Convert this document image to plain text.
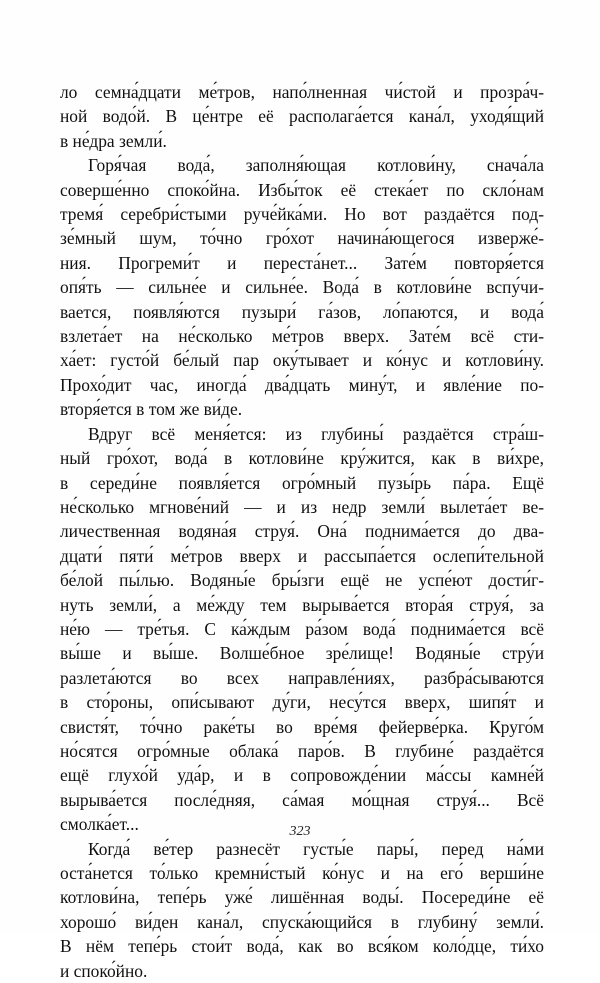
ло семна́дцати ме́тров, напо́лненная чи́стой и прозра́ч-
ной водо́й. В це́нтре её располага́ется кана́л, уходя́щий
в не́дра земли́.
Горя́чая вода́, заполня́ющая котлови́ну, снача́ла
соверше́нно споко́йна. Избы́ток её стека́ет по скло́нам
тремя́ серебри́стыми руче́йка́ми. Но вот раздаётся под-
зе́мный шум, то́чно гро́хот начина́ющегося изверже́-
ния. Прогреми́т и переста́нет... Зате́м повторя́ется
опя́ть — сильне́е и сильне́е. Вода́ в котлови́не вспу́чи-
вается, появля́ются пузыри́ га́зов, ло́паются, и вода́
взлета́ет на не́сколько ме́тров вверх. Зате́м всё сти-
ха́ет: густо́й бе́лый пар оку́тывает и ко́нус и котлови́ну.
Прохо́дит час, иногда́ два́дцать мину́т, и явле́ние по-
вторя́ется в том же ви́де.
Вдруг всё меня́ется: из глубины́ раздаётся стра́ш-
ный гро́хот, вода́ в котлови́не кру́жится, как в ви́хре,
в середи́не появля́ется огро́мный пузы́рь па́ра. Ещё
не́сколько мгнове́ний — и из недр земли́ вылета́ет ве-
личественная водяна́я струя́. Она́ поднима́ется до два-
дцати́ пяти́ ме́тров вверх и рассыпа́ется ослепи́тельной
бе́лой пы́лью. Водяны́е бры́зги ещё не успе́ют дости́г-
нуть земли́, а ме́жду тем вырыва́ется втора́я струя́, за
не́ю — тре́тья. С ка́ждым ра́зом вода́ поднима́ется всё
вы́ше и вы́ше. Волше́бное зре́лище! Водяны́е стру́и
разлета́ются во всех направле́ниях, разбра́сываются
в сто́роны, опи́сывают ду́ги, несу́тся вверх, шипя́т и
свистя́т, то́чно раке́ты во вре́мя фейерве́рка. Круго́м
но́сятся огро́мные облака́ паро́в. В глубине́ раздаётся
ещё глухо́й уда́р, и в сопровожде́нии ма́ссы камне́й
вырыва́ется после́дняя, са́мая мо́щная струя́... Всё
смолка́ет...
Когда́ ве́тер разнесёт густы́е пары́, перед на́ми
оста́нется то́лько кремни́стый ко́нус и на его́ верши́не
котлови́на, тепе́рь уже́ лишённая воды́. Посереди́не её
хорошо́ ви́ден кана́л, спуска́ющийся в глубину́ земли́.
В нём тепе́рь стои́т вода́, как во вся́ком коло́дце, ти́хо
и споко́йно.
323
